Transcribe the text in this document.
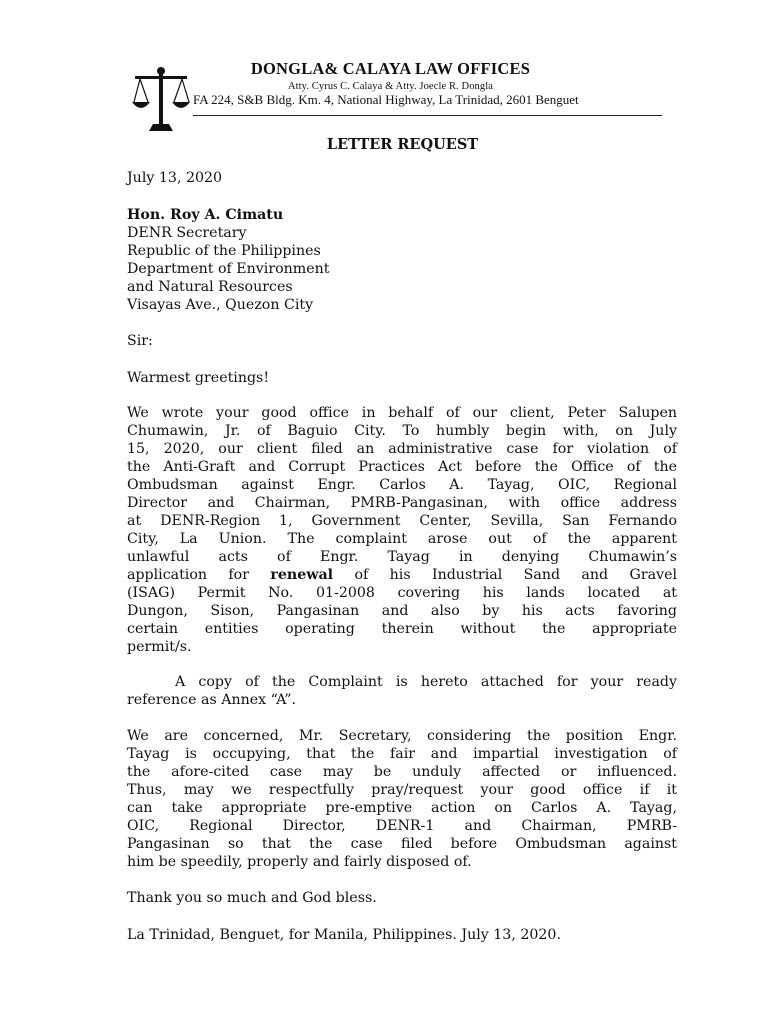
DONGLA& CALAYA LAW OFFICES
Atty. Cyrus C. Calaya & Atty. Joecle R. Dongla
FA 224, S&B Bldg. Km. 4, National Highway, La Trinidad, 2601 Benguet
LETTER REQUEST
July 13, 2020
Hon. Roy A. Cimatu
DENR Secretary
Republic of the Philippines
Department of Environment
and Natural Resources
Visayas Ave., Quezon City
Sir:
Warmest greetings!
We wrote your good office in behalf of our client, Peter Salupen
Chumawin, Jr. of Baguio City. To humbly begin with, on July
15, 2020, our client filed an administrative case for violation of
the Anti-Graft and Corrupt Practices Act before the Office of the
Ombudsman against Engr. Carlos A. Tayag, OIC, Regional
Director and Chairman, PMRB-Pangasinan, with office address
at DENR-Region 1, Government Center, Sevilla, San Fernando
City, La Union. The complaint arose out of the apparent
unlawful acts of Engr. Tayag in denying Chumawin’s
application for renewal of his Industrial Sand and Gravel
(ISAG) Permit No. 01-2008 covering his lands located at
Dungon, Sison, Pangasinan and also by his acts favoring
certain entities operating therein without the appropriate
permit/s.
A copy of the Complaint is hereto attached for your ready
reference as Annex “A”.
We are concerned, Mr. Secretary, considering the position Engr.
Tayag is occupying, that the fair and impartial investigation of
the afore-cited case may be unduly affected or influenced.
Thus, may we respectfully pray/request your good office if it
can take appropriate pre-emptive action on Carlos A. Tayag,
OIC, Regional Director, DENR-1 and Chairman, PMRB-
Pangasinan so that the case filed before Ombudsman against
him be speedily, properly and fairly disposed of.
Thank you so much and God bless.
La Trinidad, Benguet, for Manila, Philippines. July 13, 2020.
